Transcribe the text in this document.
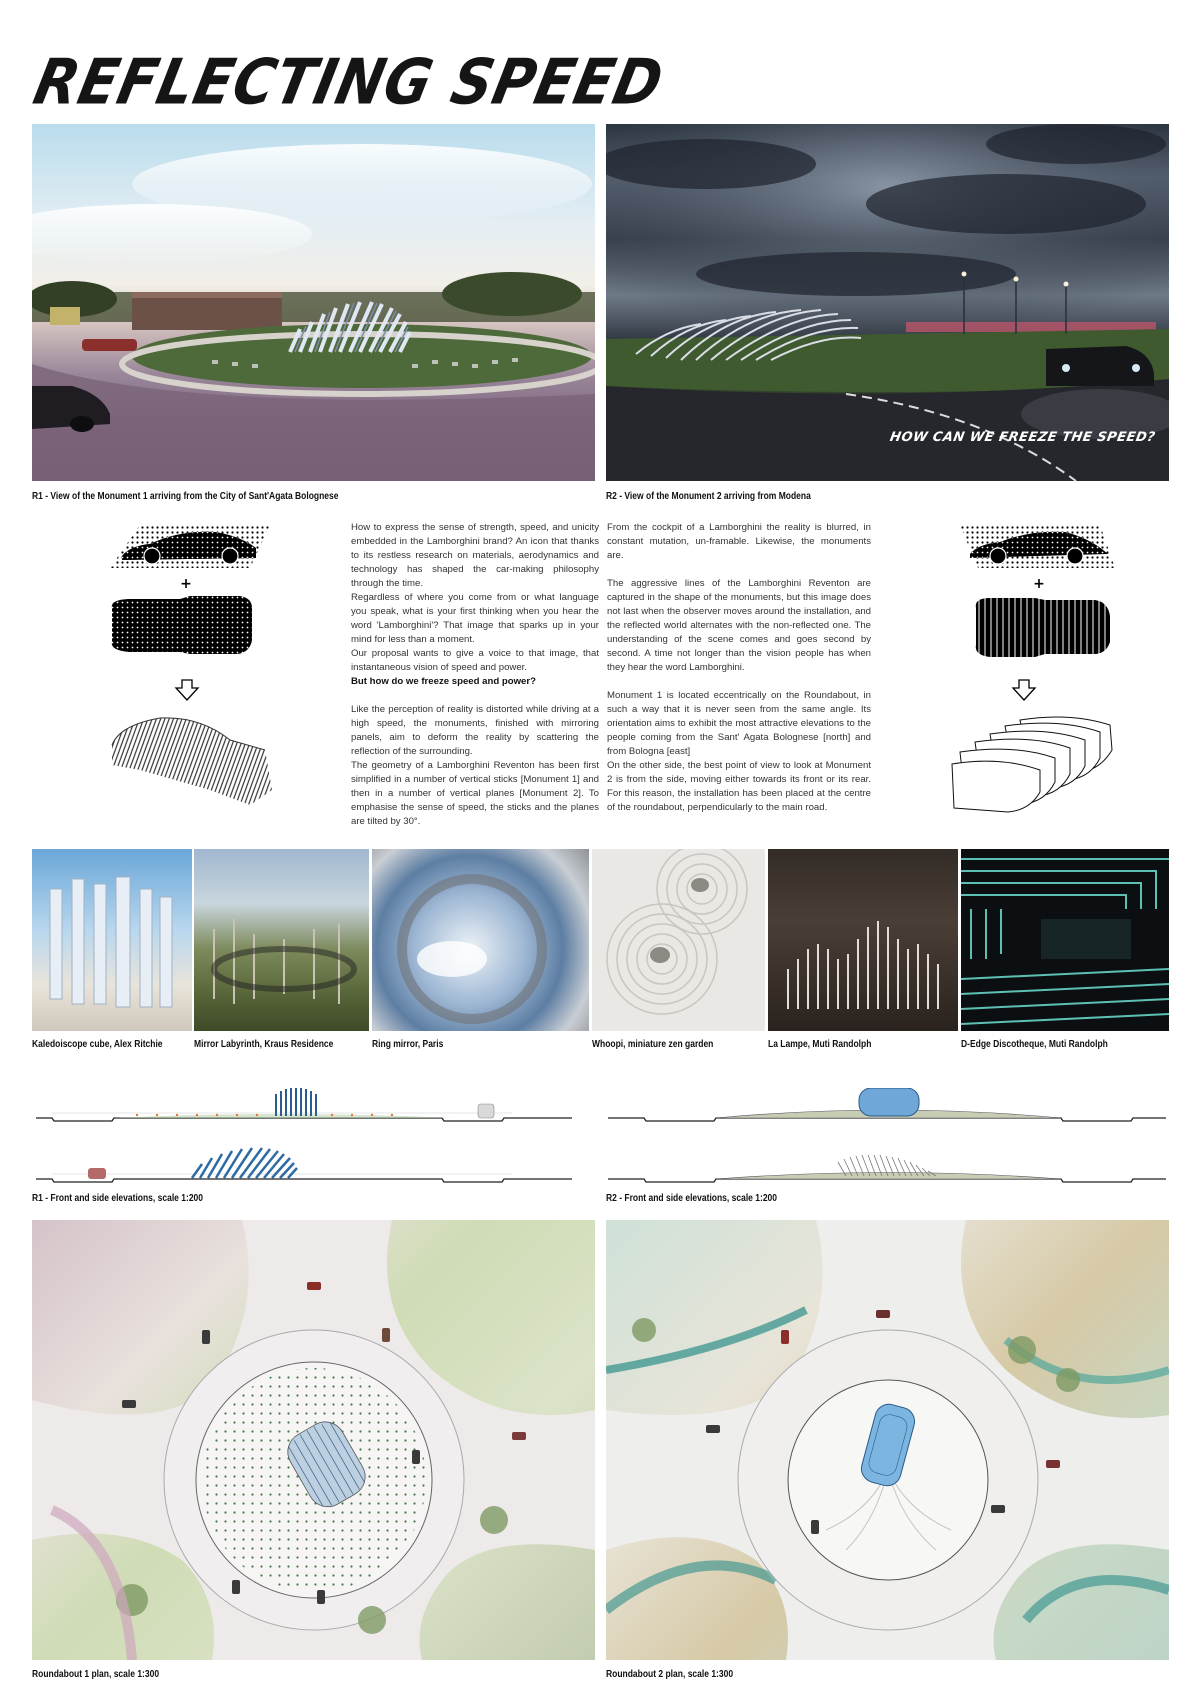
REFLECTING SPEED
HOW CAN WE FREEZE THE SPEED?
R1 - View of the Monument 1 arriving from the City of Sant'Agata Bolognese	R2 - View of the Monument 2 arriving from Modena
+

How to express the sense of strength, speed, and unicity embedded in the Lamborghini brand? An icon that thanks to its restless research on materials, aerodynamics and technology has shaped the car-making philosophy through the time.

Regardless of where you come from or what language you speak, what is your first thinking when you hear the word 'Lamborghini'? That image that sparks up in your mind for less than a moment.

Our proposal wants to give a voice to that image, that instantaneous vision of speed and power.

But how do we freeze speed and power?

Like the perception of reality is distorted while driving at a high speed, the monuments, finished with mirroring panels, aim to deform the reality by scattering the reflection of the surrounding.

The geometry of a Lamborghini Reventon has been first simplified in a number of vertical sticks [Monument 1] and then in a number of vertical planes [Monument 2]. To emphasise the sense of speed, the sticks and the planes are tilted by 30°.

From the cockpit of a Lamborghini the reality is blurred, in constant mutation, un-framable. Likewise, the monuments are.

The aggressive lines of the Lamborghini Reventon are captured in the shape of the monuments, but this image does not last when the observer moves around the installation, and the reflected world alternates with the non-reflected one. The understanding of the scene comes and goes second by second. A time not longer than the vision people has when they hear the word Lamborghini.

Monument 1 is located eccentrically on the Roundabout, in such a way that it is never seen from the same angle. Its orientation aims to exhibit the most attractive elevations to the people coming from the Sant' Agata Bolognese [north] and from Bologna [east]

On the other side, the best point of view to look at Monument 2 is from the side, moving either towards its front or its rear. For this reason, the installation has been placed at the centre of the roundabout, perpendicularly to the main road.

+
Kaledoiscope cube, Alex Ritchie	Mirror Labyrinth, Kraus Residence	Ring mirror, Paris	Whoopi, miniature zen garden	La Lampe, Muti Randolph	D-Edge Discotheque, Muti Randolph
R1 - Front and side elevations, scale 1:200	R2 - Front and side elevations, scale 1:200
Roundabout 1 plan, scale 1:300	Roundabout 2 plan, scale 1:300
